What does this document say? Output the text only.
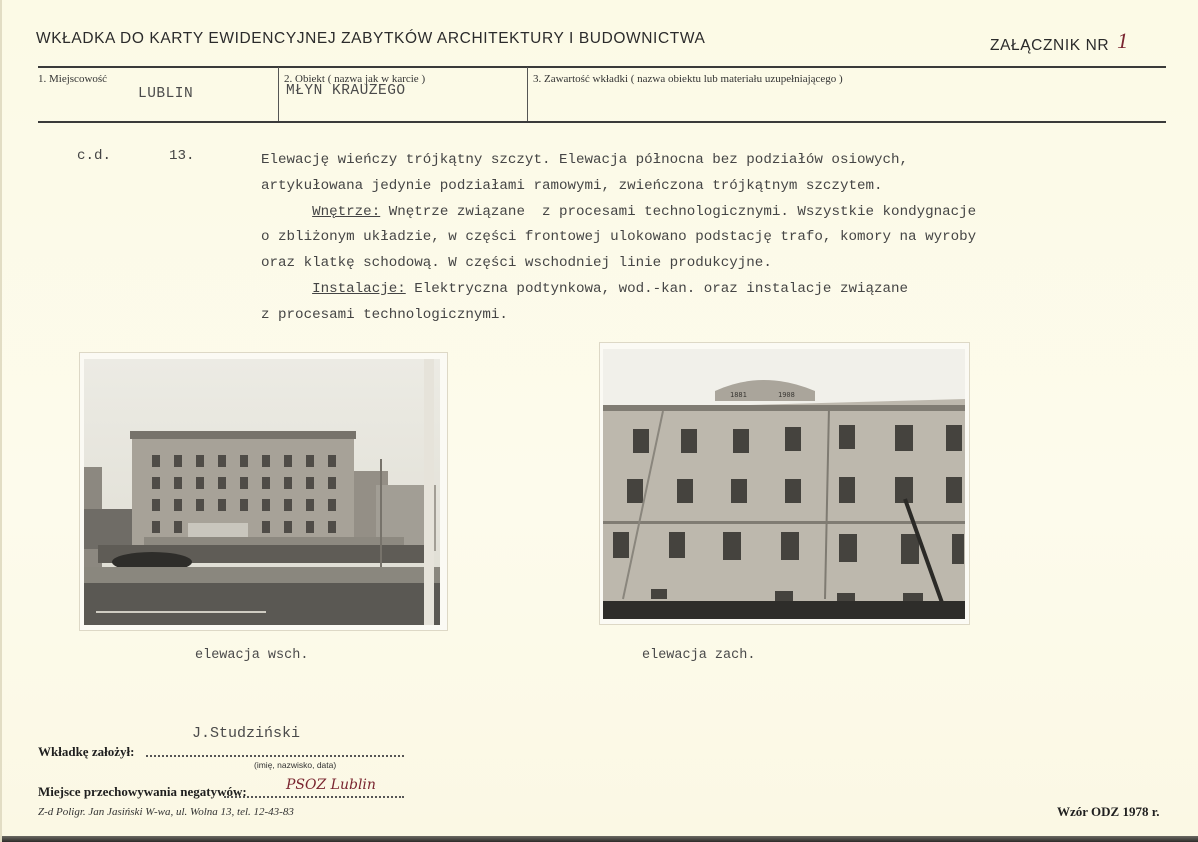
WKŁADKA DO KARTY EWIDENCYJNEJ ZABYTKÓW ARCHITEKTURY I BUDOWNICTWA	ZAŁĄCZNIK NR 1
1. Miejscowość
LUBLIN
2. Obiekt ( nazwa jak w karcie )
MŁYN KRAUZEGO
3. Zawartość wkładki ( nazwa obiektu lub materiału uzupełniającego )
c.d.	13.	Elewację wieńczy trójkątny szczyt. Elewacja północna bez podziałów osiowych,
artykułowana jedynie podziałami ramowymi, zwieńczona trójkątnym szczytem.
Wnętrze: Wnętrze związane  z procesami technologicznymi. Wszystkie kondygnacje
o zbliżonym układzie, w części frontowej ulokowano podstację trafo, komory na wyroby
oraz klatkę schodową. W części wschodniej linie produkcyjne.
Instalacje: Elektryczna podtynkowa, wod.-kan. oraz instalacje związane
z procesami technologicznymi.
elewacja wsch.
1881	1908
elewacja zach.
J.Studziński
Wkładkę założył:
(imię, nazwisko, data)
Miejsce przechowywania negatywów:	PSOZ Lublin
Z-d Poligr. Jan Jasiński W-wa, ul. Wolna 13, tel. 12-43-83	Wzór ODZ 1978 r.
